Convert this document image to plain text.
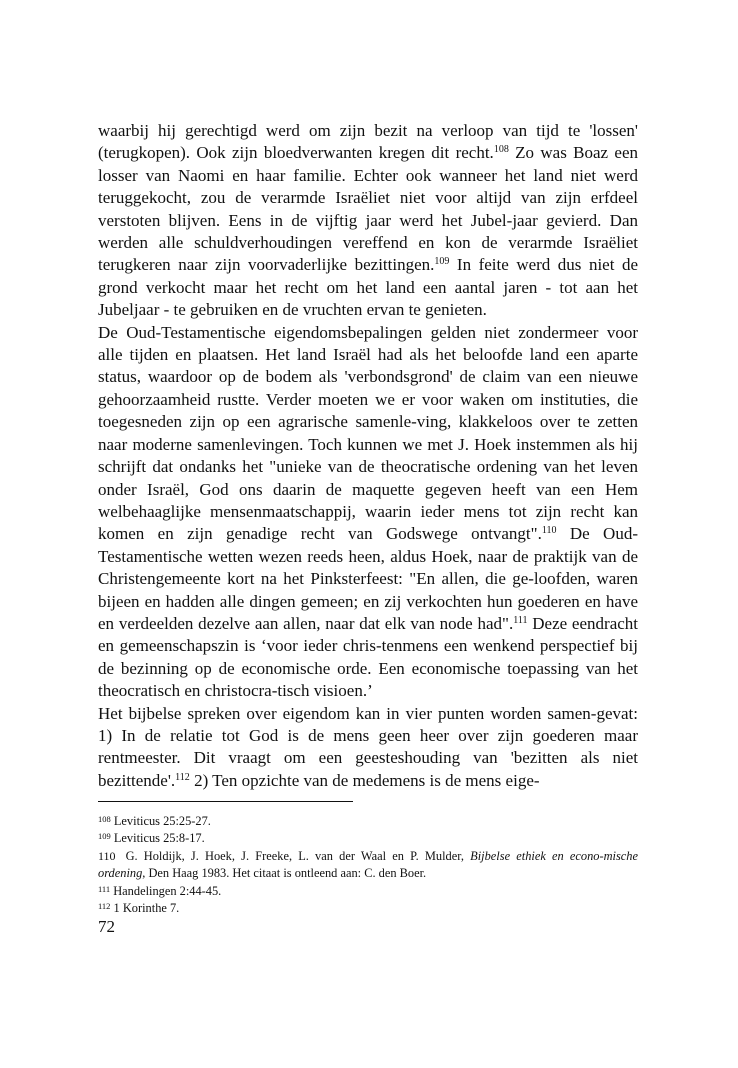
waarbij hij gerechtigd werd om zijn bezit na verloop van tijd te 'lossen' (terugkopen). Ook zijn bloedverwanten kregen dit recht.$^{108}$ Zo was Boaz een losser van Naomi en haar familie. Echter ook wanneer het land niet werd teruggekocht, zou de verarmde Israëliet niet voor altijd van zijn erfdeel verstoten blijven. Eens in de vijftig jaar werd het Jubel-jaar gevierd. Dan werden alle schuldverhoudingen vereffend en kon de verarmde Israëliet terugkeren naar zijn voorvaderlijke bezittingen.$^{109}$ In feite werd dus niet de grond verkocht maar het recht om het land een aantal jaren - tot aan het Jubeljaar - te gebruiken en de vruchten ervan te genieten.

De Oud-Testamentische eigendomsbepalingen gelden niet zondermeer voor alle tijden en plaatsen. Het land Israël had als het beloofde land een aparte status, waardoor op de bodem als 'verbondsgrond' de claim van een nieuwe gehoorzaamheid rustte. Verder moeten we er voor waken om instituties, die toegesneden zijn op een agrarische samenle-ving, klakkeloos over te zetten naar moderne samenlevingen. Toch kunnen we met J. Hoek instemmen als hij schrijft dat ondanks het "unieke van de theocratische ordening van het leven onder Israël, God ons daarin de maquette gegeven heeft van een Hem welbehaaglijke mensenmaatschappij, waarin ieder mens tot zijn recht kan komen en zijn genadige recht van Godswege ontvangt".$^{110}$ De Oud-Testamentische wetten wezen reeds heen, aldus Hoek, naar de praktijk van de Christengemeente kort na het Pinksterfeest: "En allen, die ge-loofden, waren bijeen en hadden alle dingen gemeen; en zij verkochten hun goederen en have en verdeelden dezelve aan allen, naar dat elk van node had".$^{111}$ Deze eendracht en gemeenschapszin is ‘voor ieder chris-tenmens een wenkend perspectief bij de bezinning op de economische orde. Een economische toepassing van het theocratisch en christocra-tisch visioen.’

Het bijbelse spreken over eigendom kan in vier punten worden samen-gevat: 1) In de relatie tot God is de mens geen heer over zijn goederen maar rentmeester. Dit vraagt om een geesteshouding van 'bezitten als niet bezittende'.$^{112}$ 2) Ten opzichte van de medemens is de mens eige-

$^{108}$ Leviticus 25:25-27.

$^{109}$ Leviticus 25:8-17.

110 G. Holdijk, J. Hoek, J. Freeke, L. van der Waal en P. Mulder, Bijbelse ethiek en econo-mische ordening, Den Haag 1983. Het citaat is ontleend aan: C. den Boer.

$^{111}$ Handelingen 2:44-45.

$^{112}$ 1 Korinthe 7.

72
